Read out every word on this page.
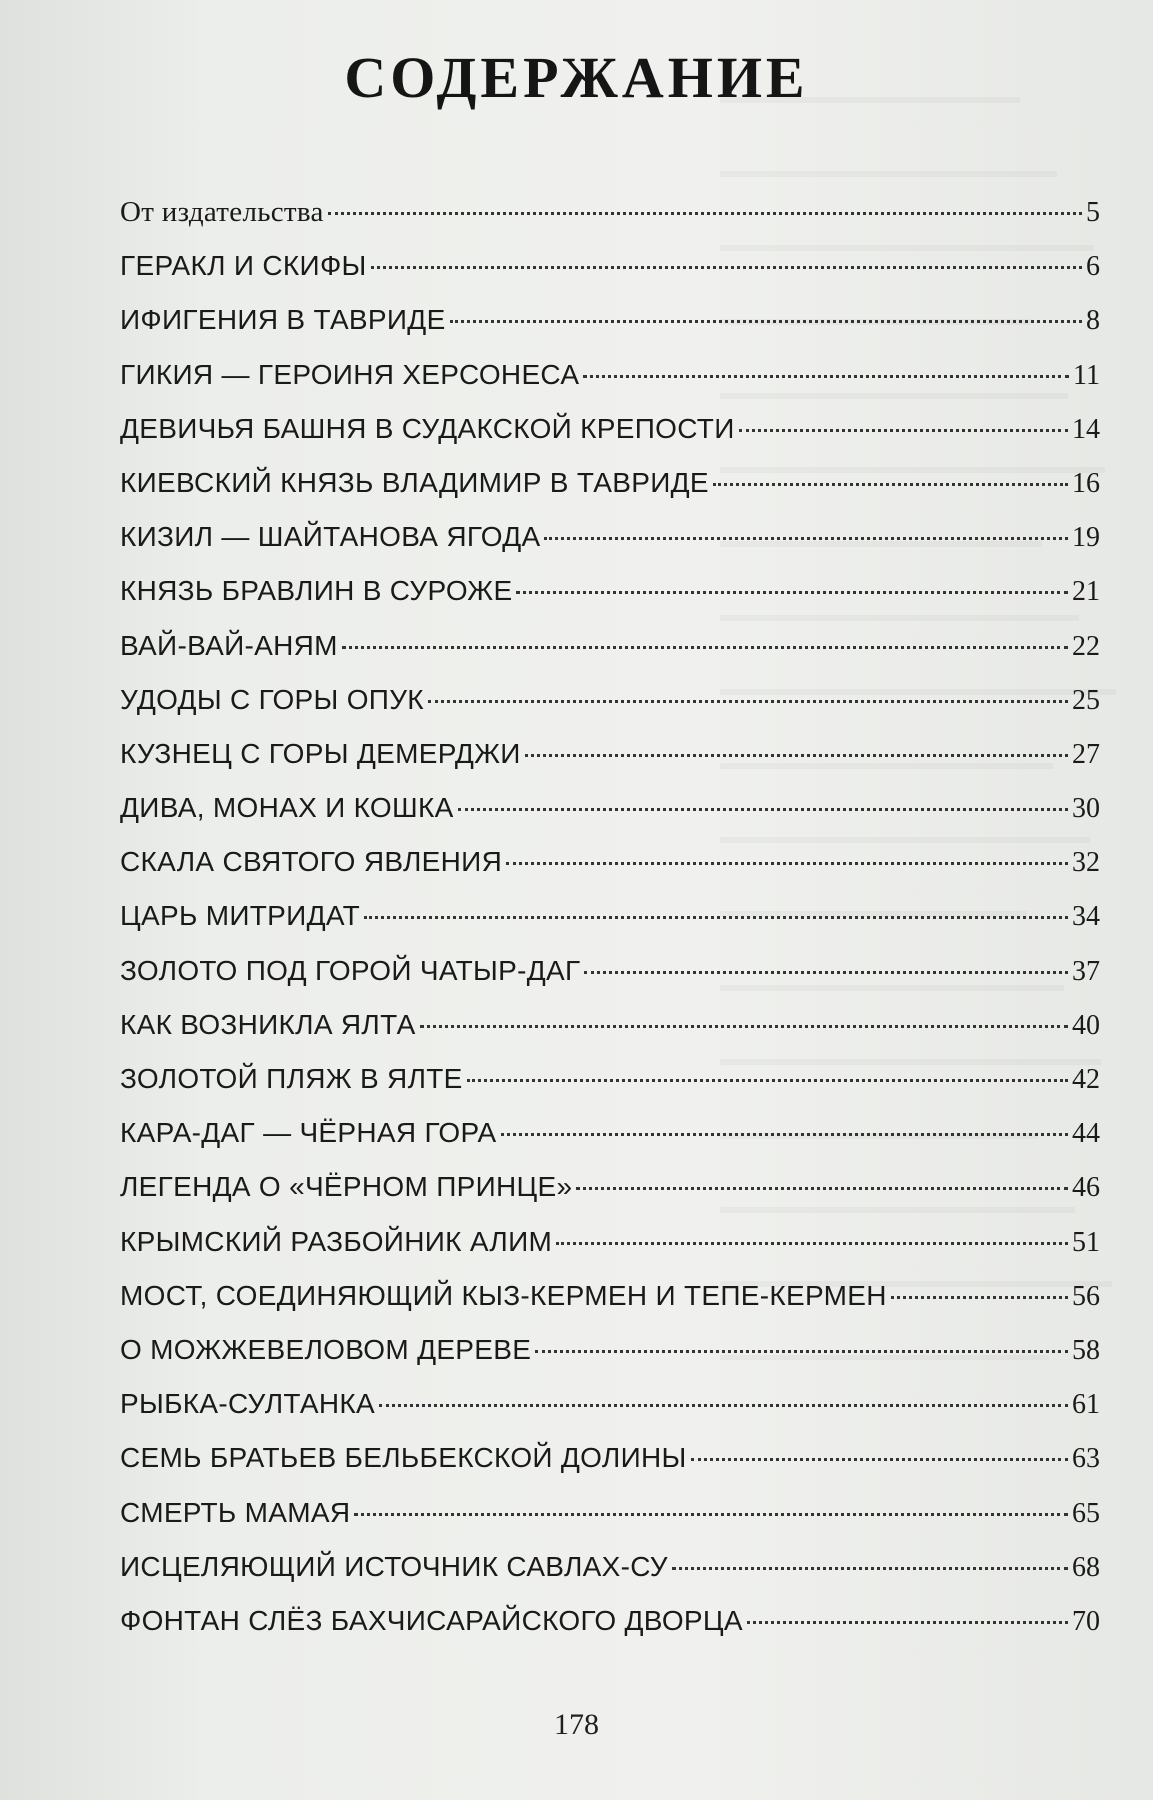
СОДЕРЖАНИЕ
От издательства	5
ГЕРАКЛ И СКИФЫ	6
ИФИГЕНИЯ В ТАВРИДЕ	8
ГИКИЯ — ГЕРОИНЯ ХЕРСОНЕСА	11
ДЕВИЧЬЯ БАШНЯ В СУДАКСКОЙ КРЕПОСТИ	14
КИЕВСКИЙ КНЯЗЬ ВЛАДИМИР В ТАВРИДЕ	16
КИЗИЛ — ШАЙТАНОВА ЯГОДА	19
КНЯЗЬ БРАВЛИН В СУРОЖЕ	21
ВАЙ-ВАЙ-АНЯМ	22
УДОДЫ С ГОРЫ ОПУК	25
КУЗНЕЦ С ГОРЫ ДЕМЕРДЖИ	27
ДИВА, МОНАХ И КОШКА	30
СКАЛА СВЯТОГО ЯВЛЕНИЯ	32
ЦАРЬ МИТРИДАТ	34
ЗОЛОТО ПОД ГОРОЙ ЧАТЫР-ДАГ	37
КАК ВОЗНИКЛА ЯЛТА	40
ЗОЛОТОЙ ПЛЯЖ В ЯЛТЕ	42
КАРА-ДАГ — ЧЁРНАЯ ГОРА	44
ЛЕГЕНДА О «ЧЁРНОМ ПРИНЦЕ»	46
КРЫМСКИЙ РАЗБОЙНИК АЛИМ	51
МОСТ, СОЕДИНЯЮЩИЙ КЫЗ-КЕРМЕН И ТЕПЕ-КЕРМЕН	56
О МОЖЖЕВЕЛОВОМ ДЕРЕВЕ	58
РЫБКА-СУЛТАНКА	61
СЕМЬ БРАТЬЕВ БЕЛЬБЕКСКОЙ ДОЛИНЫ	63
СМЕРТЬ МАМАЯ	65
ИСЦЕЛЯЮЩИЙ ИСТОЧНИК САВЛАХ-СУ	68
ФОНТАН СЛЁЗ БАХЧИСАРАЙСКОГО ДВОРЦА	70
178
